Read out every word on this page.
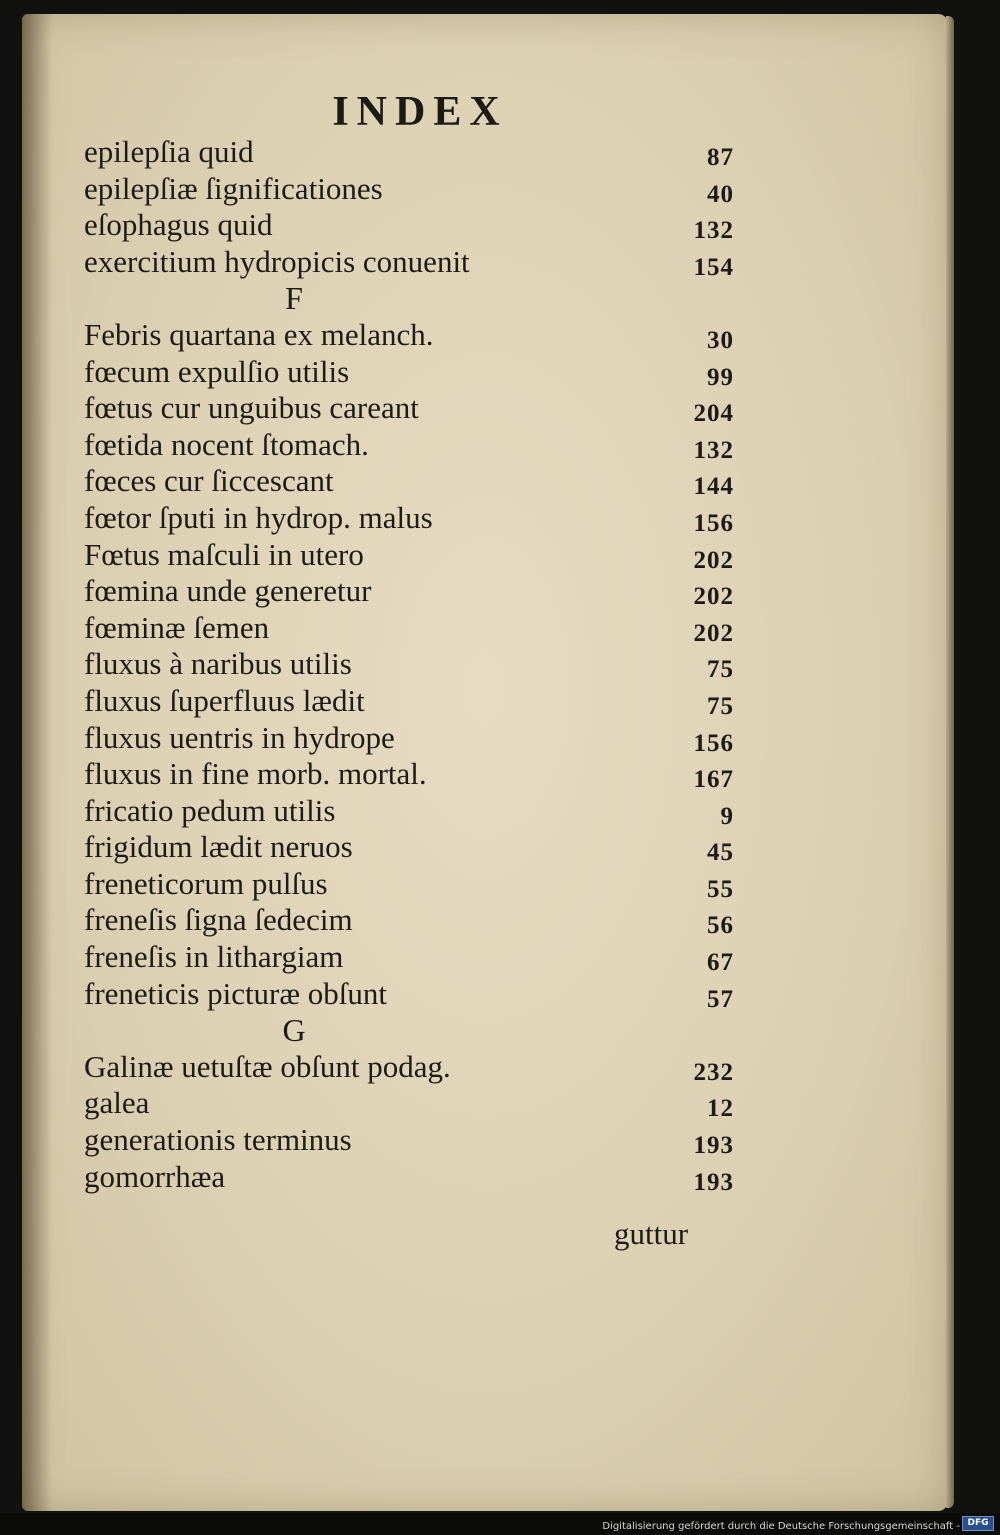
INDEX
epilepſia quid	87
epilepſiæ ſignificationes	40
eſophagus quid	132
exercitium hydropicis conuenit	154
F
Febris quartana ex melanch.	30
fœcum expulſio utilis	99
fœtus cur unguibus careant	204
fœtida nocent ſtomach.	132
fœces cur ſiccescant	144
fœtor ſputi in hydrop. malus	156
Fœtus maſculi in utero	202
fœmina unde generetur	202
fœminæ ſemen	202
fluxus à naribus utilis	75
fluxus ſuperfluus lædit	75
fluxus uentris in hydrope	156
fluxus in fine morb. mortal.	167
fricatio pedum utilis	9
frigidum lædit neruos	45
freneticorum pulſus	55
freneſis ſigna ſedecim	56
freneſis in lithargiam	67
freneticis picturæ obſunt	57
G
Galinæ uetuſtæ obſunt podag.	232
galea	12
generationis terminus	193
gomorrhæa	193
guttur
Digitalisierung gefördert durch die Deutsche Forschungsgemeinschaft - DFG
